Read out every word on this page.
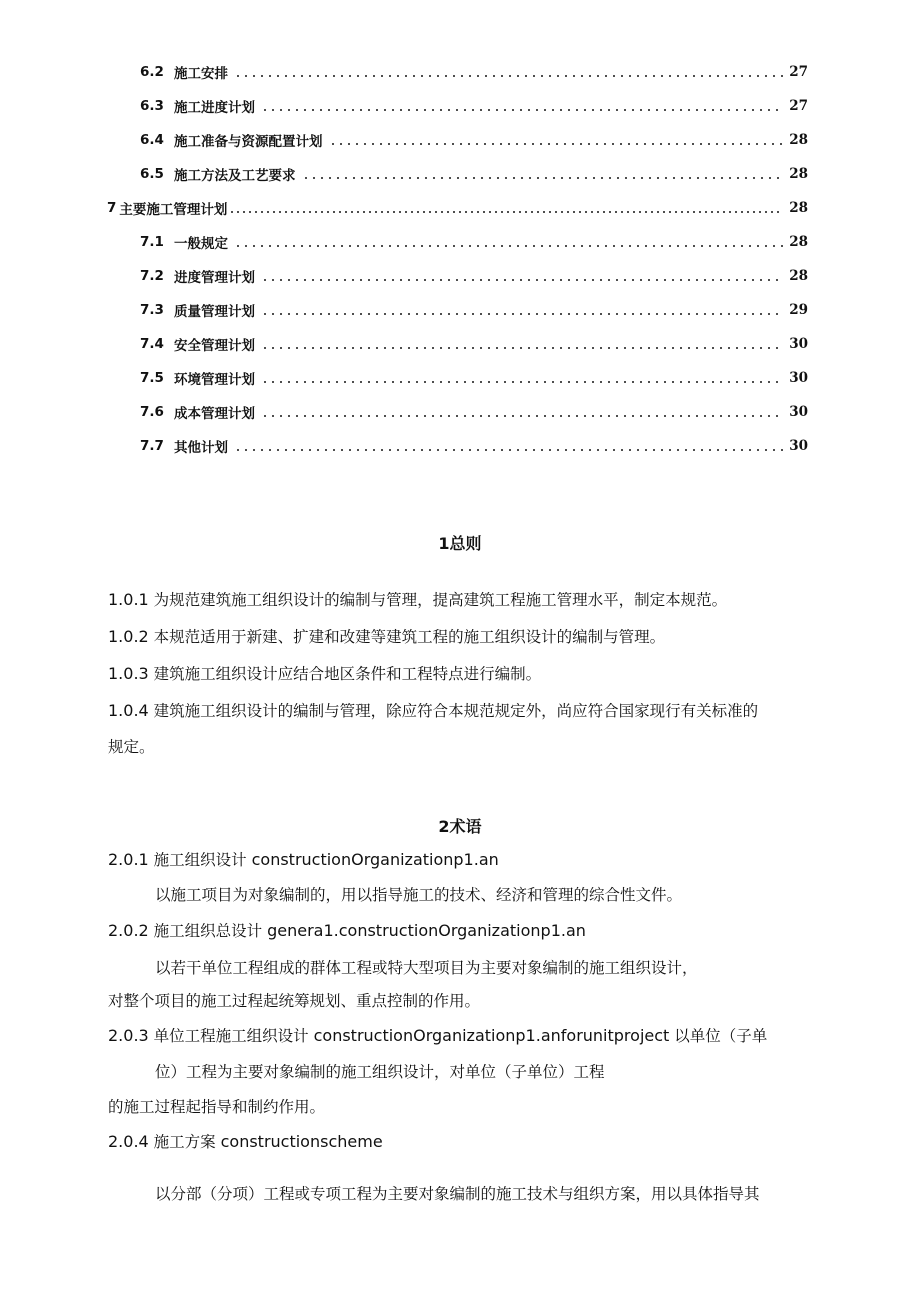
6.2 施工安排	27
6.3 施工进度计划	27
6.4 施工准备与资源配置计划	28
6.5 施工方法及工艺要求	28
7 主要施工管理计划	28
7.1 一般规定	28
7.2 进度管理计划	28
7.3 质量管理计划	29
7.4 安全管理计划	30
7.5 环境管理计划	30
7.6 成本管理计划	30
7.7 其他计划	30
1总则
1.0.1 为规范建筑施工组织设计的编制与管理，提高建筑工程施工管理水平，制定本规范。
1.0.2 本规范适用于新建、扩建和改建等建筑工程的施工组织设计的编制与管理。
1.0.3 建筑施工组织设计应结合地区条件和工程特点进行编制。
1.0.4 建筑施工组织设计的编制与管理，除应符合本规范规定外，尚应符合国家现行有关标准的
规定。
2术语
2.0.1 施工组织设计 constructionOrganizationp1.an
以施工项目为对象编制的，用以指导施工的技术、经济和管理的综合性文件。
2.0.2 施工组织总设计 genera1.constructionOrganizationp1.an
以若干单位工程组成的群体工程或特大型项目为主要对象编制的施工组织设计，
对整个项目的施工过程起统筹规划、重点控制的作用。
2.0.3 单位工程施工组织设计 constructionOrganizationp1.anforunitproject 以单位（子单
位）工程为主要对象编制的施工组织设计，对单位（子单位）工程
的施工过程起指导和制约作用。
2.0.4 施工方案 constructionscheme
以分部（分项）工程或专项工程为主要对象编制的施工技术与组织方案，用以具体指导其
